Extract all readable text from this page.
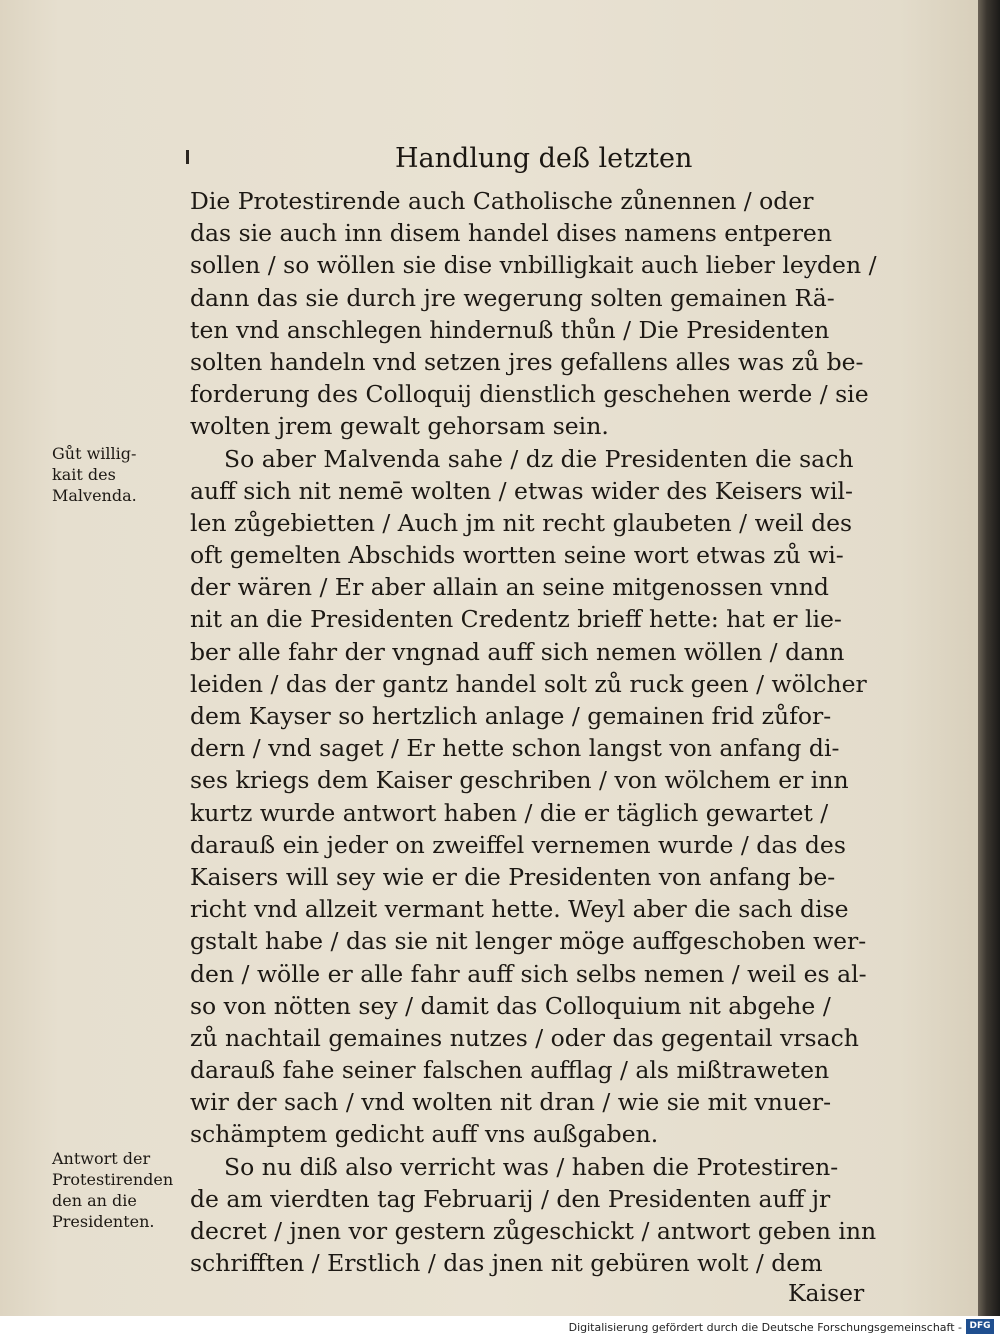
Handlung deß letzten
Die Protestirende auch Catholische zůnennen / oder
das sie auch inn disem handel dises namens entperen
sollen / so wöllen sie dise vnbilligkait auch lieber leyden /
dann das sie durch jre wegerung solten gemainen Rä-
ten vnd anschlegen hindernuß thůn / Die Presidenten
solten handeln vnd setzen jres gefallens alles was zů be-
forderung des Colloquij dienstlich geschehen werde / sie
wolten jrem gewalt gehorsam sein.
So aber Malvenda sahe / dz die Presidenten die sach
auff sich nit nemē wolten / etwas wider des Keisers wil-
len zůgebietten / Auch jm nit recht glaubeten / weil des
oft gemelten Abschids wortten seine wort etwas zů wi-
der wären / Er aber allain an seine mitgenossen vnnd
nit an die Presidenten Credentz brieff hette: hat er lie-
ber alle fahr der vngnad auff sich nemen wöllen / dann
leiden / das der gantz handel solt zů ruck geen / wölcher
dem Kayser so hertzlich anlage / gemainen frid zůfor-
dern / vnd saget / Er hette schon langst von anfang di-
ses kriegs dem Kaiser geschriben / von wölchem er inn
kurtz wurde antwort haben / die er täglich gewartet /
darauß ein jeder on zweiffel vernemen wurde / das des
Kaisers will sey wie er die Presidenten von anfang be-
richt vnd allzeit vermant hette. Weyl aber die sach dise
gstalt habe / das sie nit lenger möge auffgeschoben wer-
den / wölle er alle fahr auff sich selbs nemen / weil es al-
so von nötten sey / damit das Colloquium nit abgehe /
zů nachtail gemaines nutzes / oder das gegentail vrsach
darauß fahe seiner falschen aufflag / als mißtraweten
wir der sach / vnd wolten nit dran / wie sie mit vnuer-
schämptem gedicht auff vns außgaben.
So nu diß also verricht was / haben die Protestiren-
de am vierdten tag Februarij / den Presidenten auff jr
decret / jnen vor gestern zůgeschickt / antwort geben inn
schrifften / Erstlich / das jnen nit gebüren wolt / dem
Gůt willig-
kait des
Malvenda.
Antwort der
Protestirenden
den an die
Presidenten.
Kaiser
Digitalisierung gefördert durch die Deutsche Forschungsgemeinschaft - DFG
